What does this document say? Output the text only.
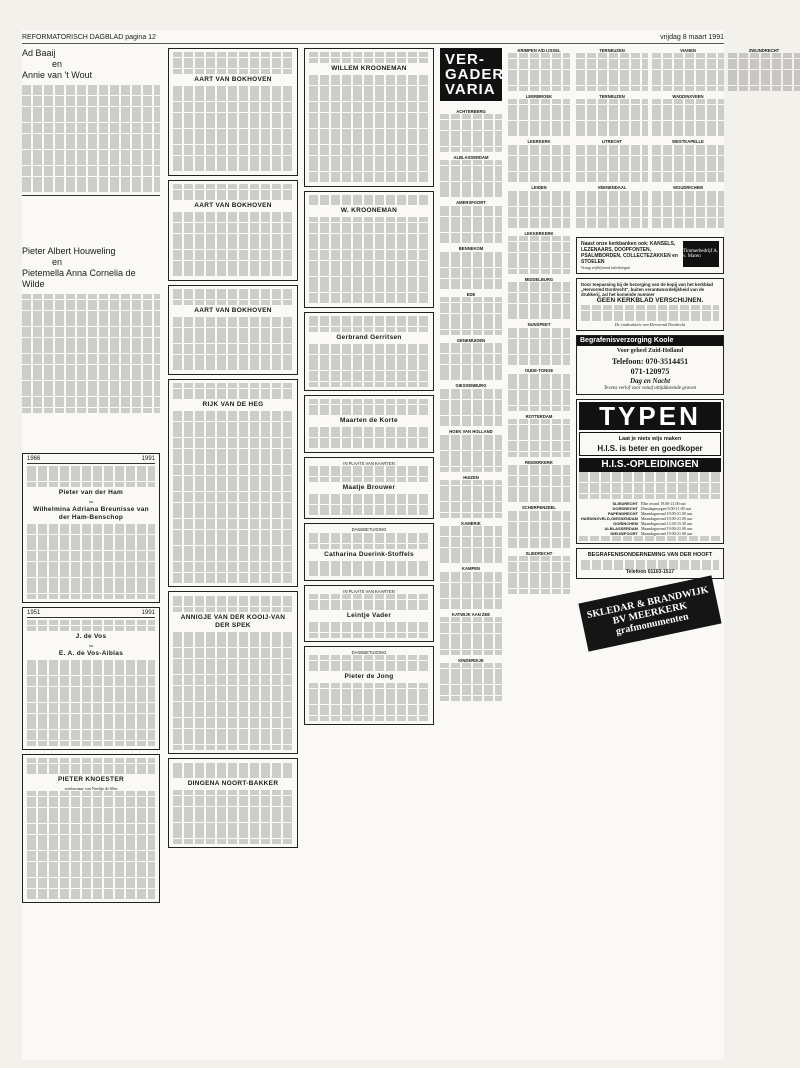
REFORMATORISCH DAGBLAD pagina 12	vrijdag 8 maart 1991
Ad Baaij
en
Annie van 't Wout
Pieter Albert Houweling
en
Pietemella Anna Cornelia de Wilde
1966	1991
Pieter van der Ham
en
Wilhelmina Adriana Breunisse van der Ham-Benschop
1951	1991
J. de Vos
en
E. A. de Vos-Aiblas
PIETER KNOESTER
weduwnaar van Neeltje de Mos
AART VAN BOKHOVEN
AART VAN BOKHOVEN
AART VAN BOKHOVEN
RIJK VAN DE HEG
ANNIGJE VAN DER KOOIJ-VAN DER SPEK
DINGENA NOORT-BAKKER
WILLEM KROONEMAN
W. KROONEMAN
Gerbrand Gerritsen
Maarten de Korte
IN PLAATS VAN KAARTEN
Maatje Brouwer
DANKBETUIGING
Catharina Duerink-Stoffels
IN PLAATS VAN KAARTEN
Leintje Vader
DANKBETUIGING
Pieter de Jong
VER-GADER VARIA
ACHTERBERG
ALBLASSERDAM
AMERSFOORT
BENNEKOM
EDE
GENEMUIDEN
GIESSENBURG
HOEK VAN HOLLAND
HUIZEN
KAMERIK
KAMPEN
KATWIJK AAN ZEE
KINDERDIJK
KRIMPEN A/D IJSSEL
LEERBROEK
LEERKERK
LEIDEN
LEKKERKERK
MIDDELBURG
NUNSPEET
OUDE-TONGE
ROTTERDAM
RIDDERKERK
SCHERPENZEEL
SLIEDRECHT
TERNEUZEN
TERNEUZEN
UTRECHT
VEENENDAAL
VIANEN
WADDINXVEEN
WESTKAPELLE
WOUDRICHEM
ZWIJNDRECHT
Naast onze kerkbanken ook: KANSELS, LEZENAARS, DOOPFONTEN, PSALMBORDEN, COLLECTEZAKKEN en STOELEN
Vraag vrijblijvend inlichtingen
Timmerbedrijf A. v. Maren
Door toepassing bij de bezorging van de kopij van het kerkblad „Hervormd Dordrecht", buiten verantwoordelijkheid van de drukkerij, zal het komende nummer
GEEN KERKBLAD VERSCHIJNEN.
De eindredactie van Hervormd Dordrecht
Begrafenisverzorging Koole
Voor geheel Zuid-Holland
Telefoon: 070-3514451
071-120975
Dag en Nacht
Tevens verlof voor vanaf altijddurende graven
TYPEN
Laat je niets wijs maken
H.I.S. is beter en goedkoper
H.I.S.-OPLEIDINGEN
SLIEDRECHT Elke avond 19.00-21.00 uur
DORDRECHT Dinsdagmorgen 9.00-11.00 uur
PAPENDRECHT Maandagavond 19.00-21.00 uur
HARDINXVELD-GIESSENDAM Maandagavond 19.00-21.00 uur
GORINCHEM Maandagavond 13.30-15.30 uur
ALBLASSERDAM Maandagavond 19.00-21.00 uur
NIEUWPOORT Maandagavond 19.00-21.00 uur
BEGRAFENISONDERNEMING VAN DER HOOFT
Telefoon 01103-1517
SKLEDAR & BRANDWIJK BV MEERKERK grafmonumenten
